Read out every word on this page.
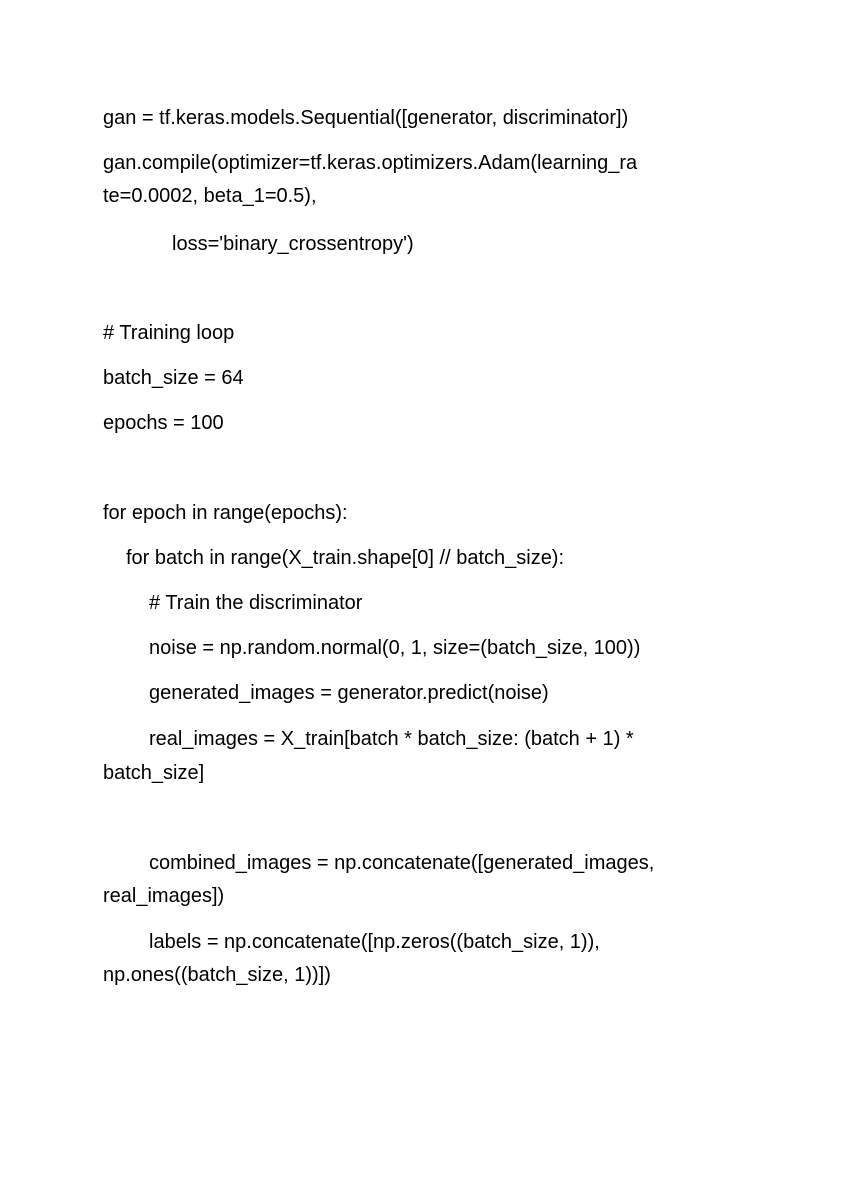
gan = tf.keras.models.Sequential([generator, discriminator])

gan.compile(optimizer=tf.keras.optimizers.Adam(learning_ra

te=0.0002, beta_1=0.5),

loss='binary_crossentropy')

# Training loop

batch_size = 64

epochs = 100

for epoch in range(epochs):

for batch in range(X_train.shape[0] // batch_size):

# Train the discriminator

noise = np.random.normal(0, 1, size=(batch_size, 100))

generated_images = generator.predict(noise)

real_images = X_train[batch * batch_size: (batch + 1) *

batch_size]

combined_images = np.concatenate([generated_images,

real_images])

labels = np.concatenate([np.zeros((batch_size, 1)),

np.ones((batch_size, 1))])
